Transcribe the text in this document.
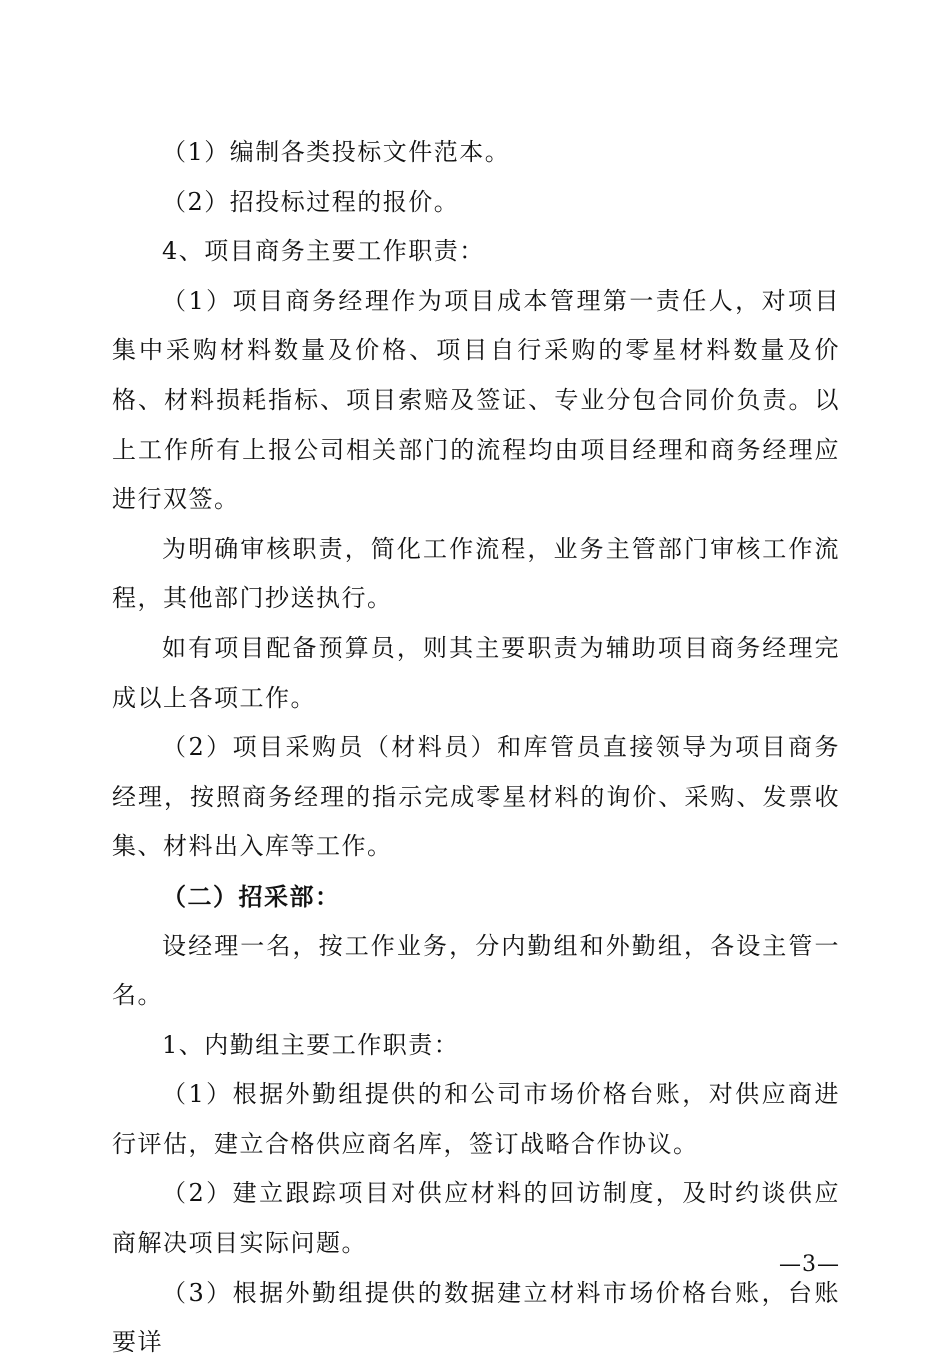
（1）编制各类投标文件范本。

（2）招投标过程的报价。

4、项目商务主要工作职责：

（1）项目商务经理作为项目成本管理第一责任人，对项目集中采购材料数量及价格、项目自行采购的零星材料数量及价格、材料损耗指标、项目索赔及签证、专业分包合同价负责。以上工作所有上报公司相关部门的流程均由项目经理和商务经理应进行双签。

为明确审核职责，简化工作流程，业务主管部门审核工作流程，其他部门抄送执行。

如有项目配备预算员，则其主要职责为辅助项目商务经理完成以上各项工作。

（2）项目采购员（材料员）和库管员直接领导为项目商务经理，按照商务经理的指示完成零星材料的询价、采购、发票收集、材料出入库等工作。

（二）招采部：

设经理一名，按工作业务，分内勤组和外勤组，各设主管一名。

1、内勤组主要工作职责：

（1）根据外勤组提供的和公司市场价格台账，对供应商进行评估，建立合格供应商名库，签订战略合作协议。

（2）建立跟踪项目对供应材料的回访制度，及时约谈供应商解决项目实际问题。

（3）根据外勤组提供的数据建立材料市场价格台账，台账要详

—3—
